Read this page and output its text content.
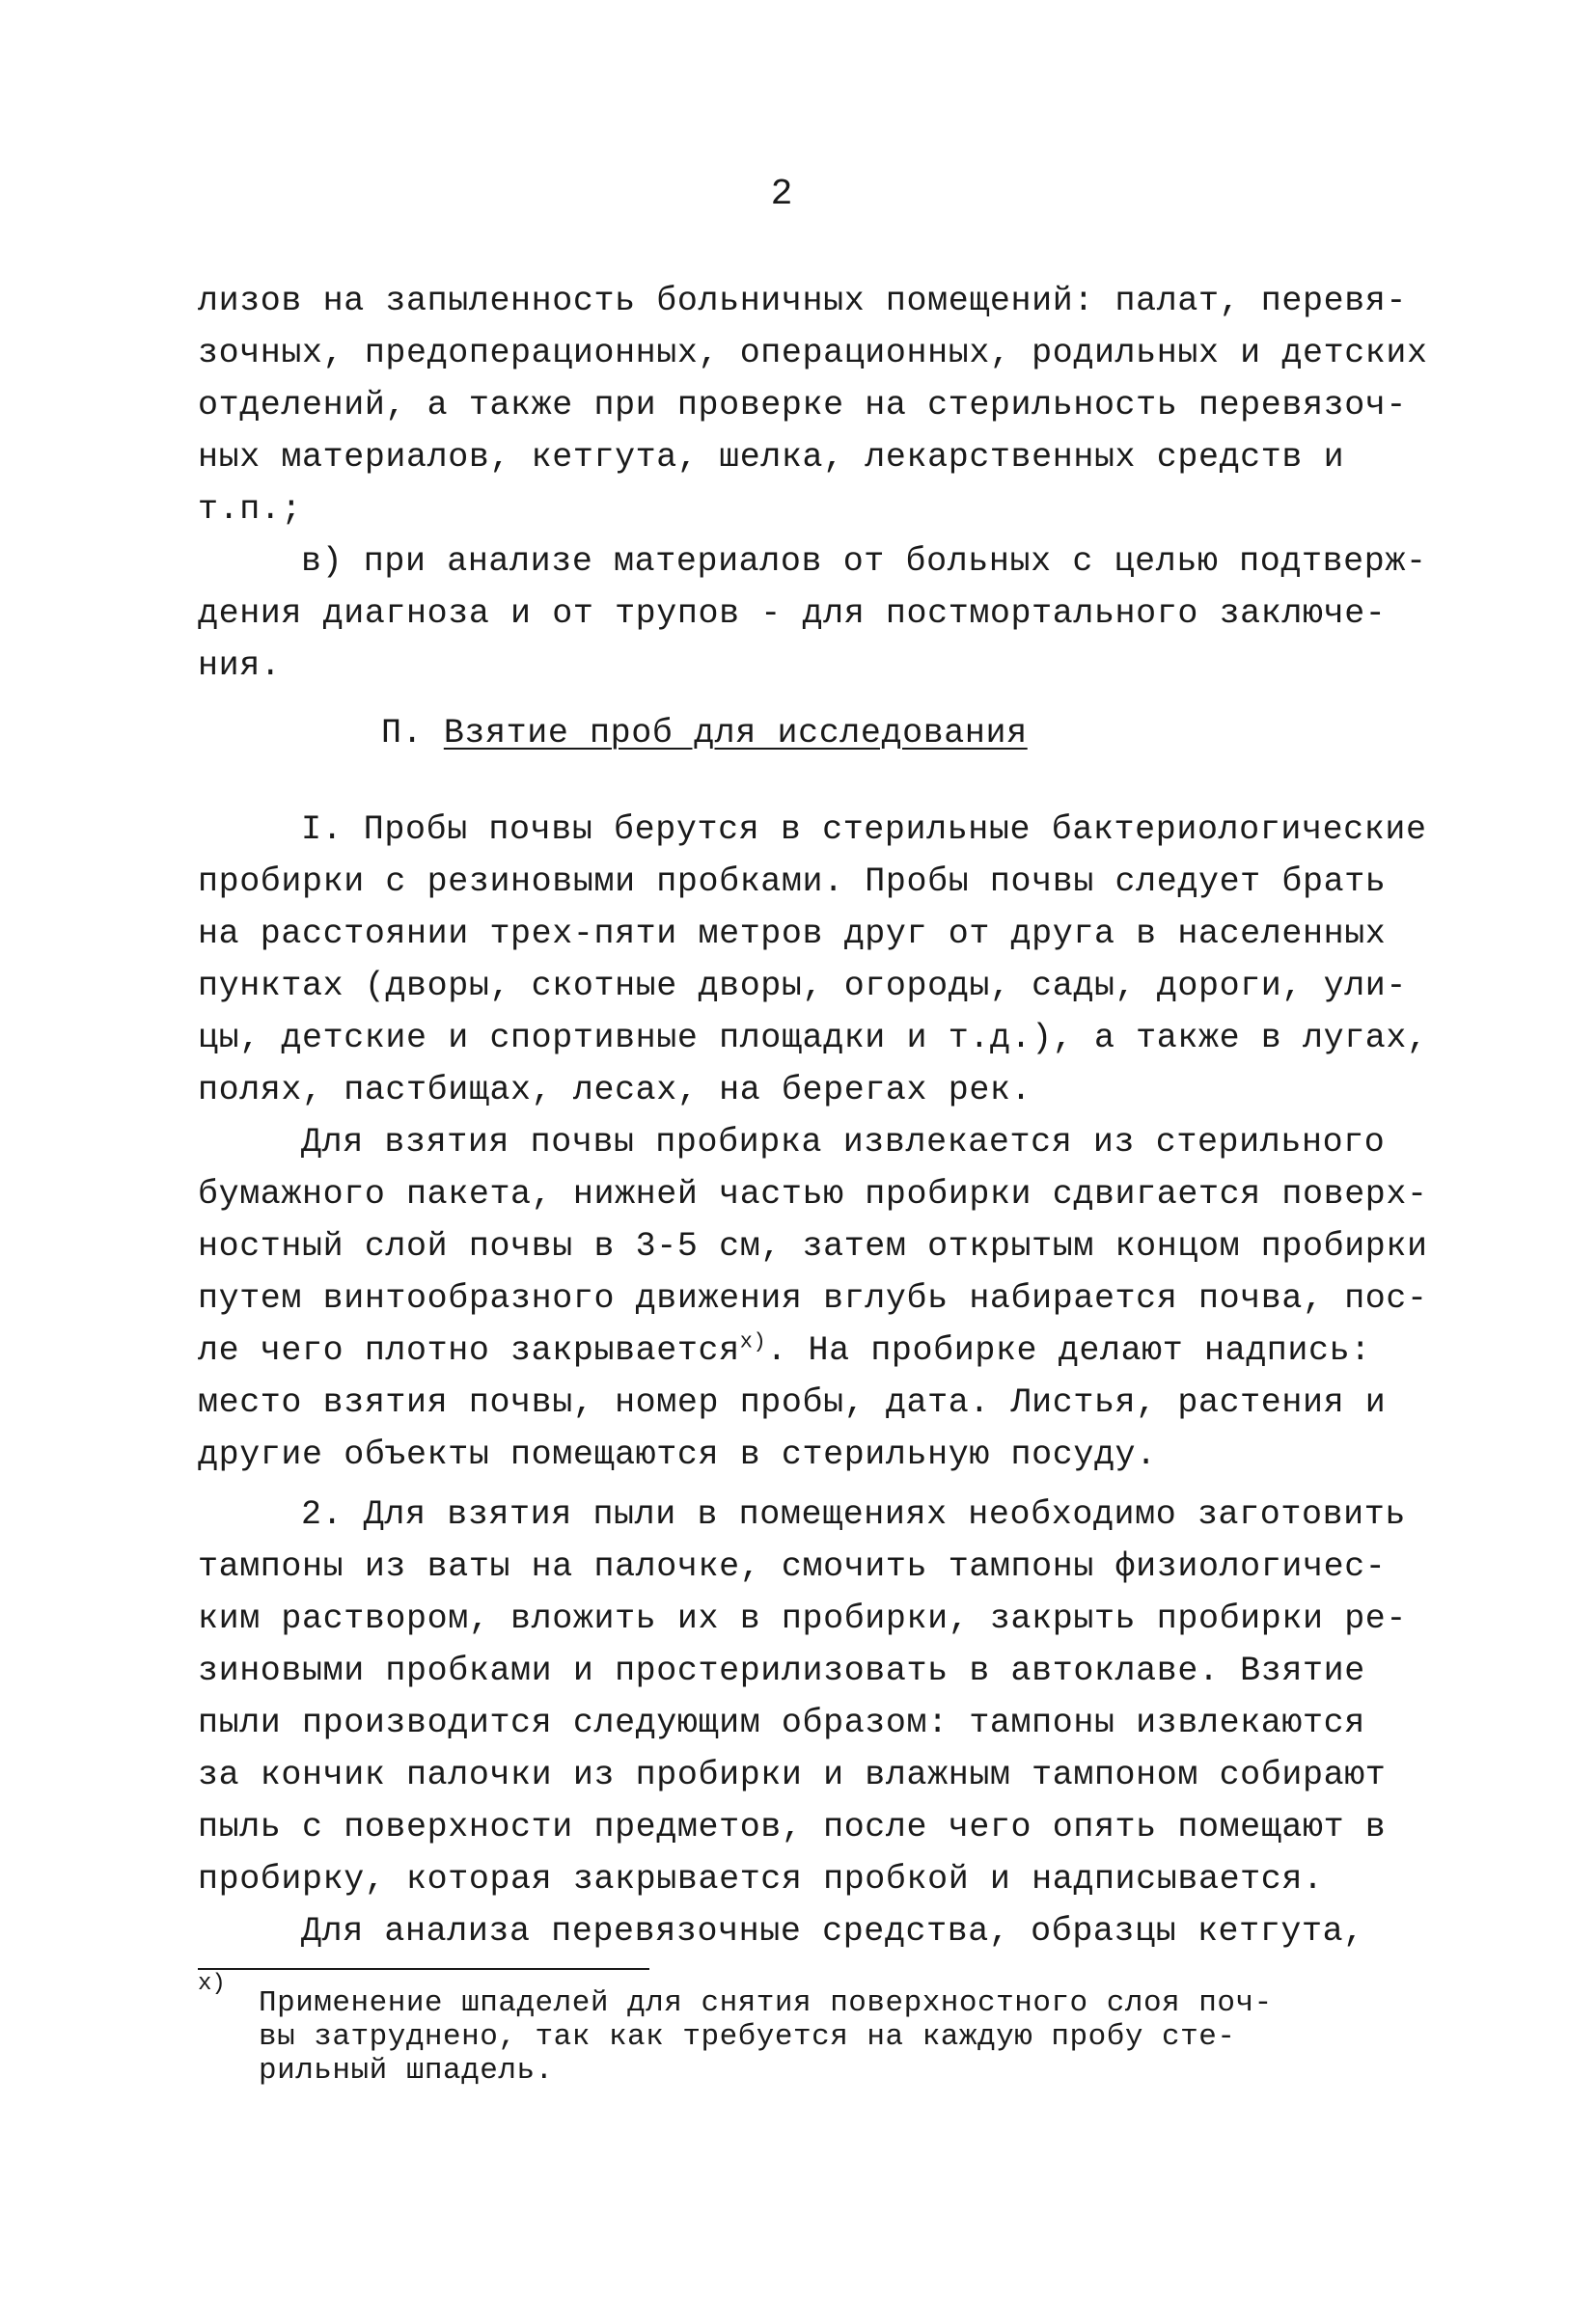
2
лизов на запыленность больничных помещений: палат, перевя-
зочных, предоперационных, операционных, родильных и детских
отделений, а также при проверке на стерильность перевязоч-
ных материалов, кетгута, шелка, лекарственных средств и
т.п.;
в) при анализе материалов от больных с целью подтверж-
дения диагноза и от трупов - для постмортального заключе-
ния.
П. Взятие проб для исследования
I. Пробы почвы берутся в стерильные бактериологические
пробирки с резиновыми пробками. Пробы почвы следует брать
на расстоянии трех-пяти метров друг от друга в населенных
пунктах (дворы, скотные дворы, огороды, сады, дороги, ули-
цы, детские и спортивные площадки и т.д.), а также в лугах,
полях, пастбищах, лесах, на берегах рек.
Для взятия почвы пробирка извлекается из стерильного
бумажного пакета, нижней частью пробирки сдвигается поверх-
ностный слой почвы в 3-5 см, затем открытым концом пробирки
путем винтообразного движения вглубь набирается почва, пос-
ле чего плотно закрывается$^{x)}$. На пробирке делают надпись:
место взятия почвы, номер пробы, дата. Листья, растения и
другие объекты помещаются в стерильную посуду.
2. Для взятия пыли в помещениях необходимо заготовить
тампоны из ваты на палочке, смочить тампоны физиологичес-
ким раствором, вложить их в пробирки, закрыть пробирки ре-
зиновыми пробками и простерилизовать в автоклаве. Взятие
пыли производится следующим образом: тампоны извлекаются
за кончик палочки из пробирки и влажным тампоном собирают
пыль с поверхности предметов, после чего опять помещают в
пробирку, которая закрывается пробкой и надписывается.
Для анализа перевязочные средства, образцы кетгута,
x)
Применение шпаделей для снятия поверхностного слоя поч-
вы затруднено, так как требуется на каждую пробу сте-
рильный шпадель.
